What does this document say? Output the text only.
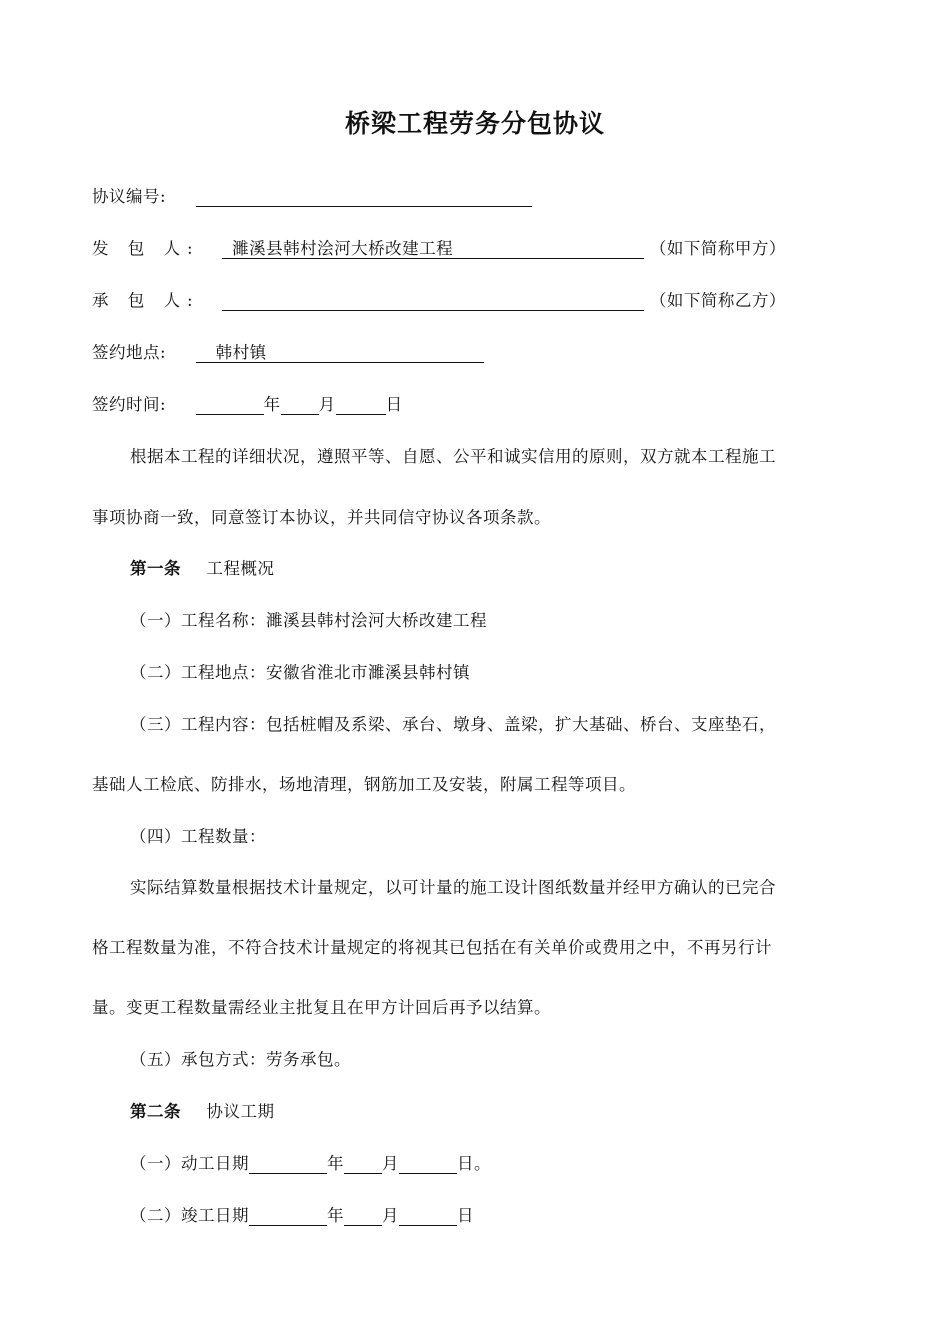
桥梁工程劳务分包协议
协议编号:
发 包 人: 濉溪县韩村浍河大桥改建工程	（如下简称甲方）
承 包 人:	（如下简称乙方）
签约地点:	韩村镇
签约时间:	年 月	日
根据本工程的详细状况，遵照平等、自愿、公平和诚实信用的原则，双方就本工程施工
事项协商一致，同意签订本协议，并共同信守协议各项条款。
第一条 工程概况
（一）工程名称：濉溪县韩村浍河大桥改建工程
（二）工程地点：安徽省淮北市濉溪县韩村镇
（三）工程内容：包括桩帽及系梁、承台、墩身、盖梁，扩大基础、桥台、支座垫石，
基础人工检底、防排水，场地清理，钢筋加工及安装，附属工程等项目。
（四）工程数量：
实际结算数量根据技术计量规定，以可计量的施工设计图纸数量并经甲方确认的已完合
格工程数量为准，不符合技术计量规定的将视其已包括在有关单价或费用之中，不再另行计
量。变更工程数量需经业主批复且在甲方计回后再予以结算。
（五）承包方式：劳务承包。
第二条 协议工期
（一）动工日期	年 月	日。
（二）竣工日期	年 月	日
